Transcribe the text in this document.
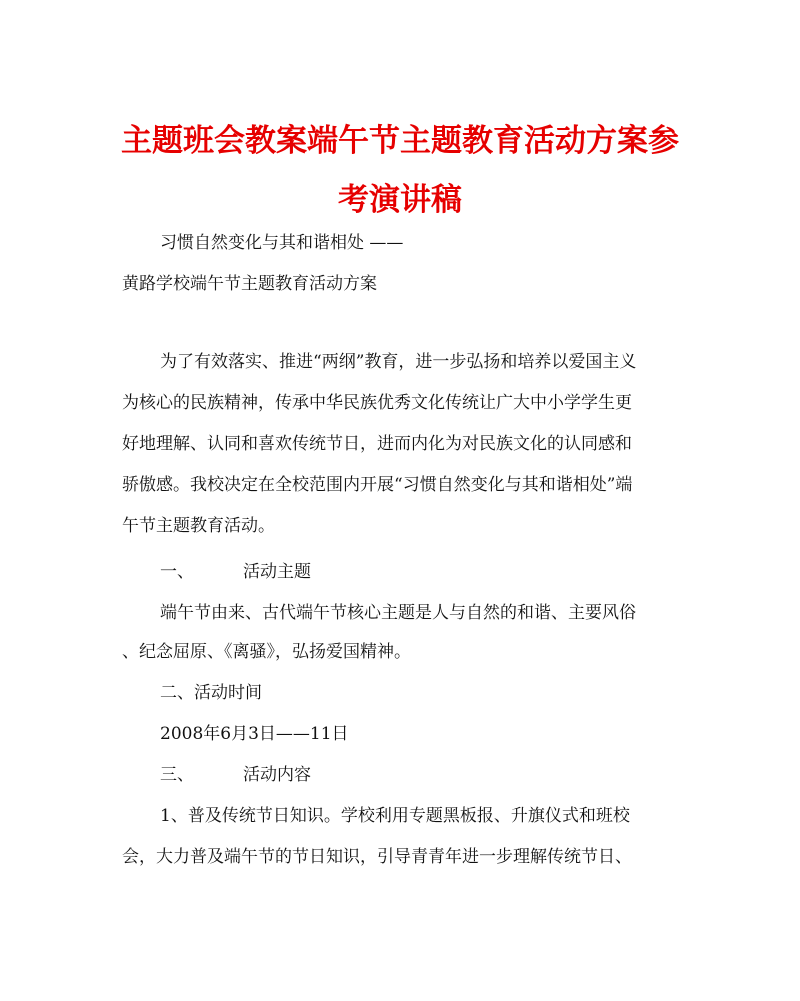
主题班会教案端午节主题教育活动方案参
考演讲稿

习惯自然变化与其和谐相处 ——

黄路学校端午节主题教育活动方案

为了有效落实、推进“两纲”教育，进一步弘扬和培养以爱国主义

为核心的民族精神，传承中华民族优秀文化传统让广大中小学学生更

好地理解、认同和喜欢传统节日，进而内化为对民族文化的认同感和

骄傲感。我校决定在全校范围内开展“习惯自然变化与其和谐相处”端

午节主题教育活动。

一、	活动主题

端午节由来、古代端午节核心主题是人与自然的和谐、主要风俗

、纪念屈原、《离骚》，弘扬爱国精神。

二、活动时间

2008年6月3日——11日

三、	活动内容

1、普及传统节日知识。学校利用专题黑板报、升旗仪式和班校

会，大力普及端午节的节日知识，引导青青年进一步理解传统节日、
